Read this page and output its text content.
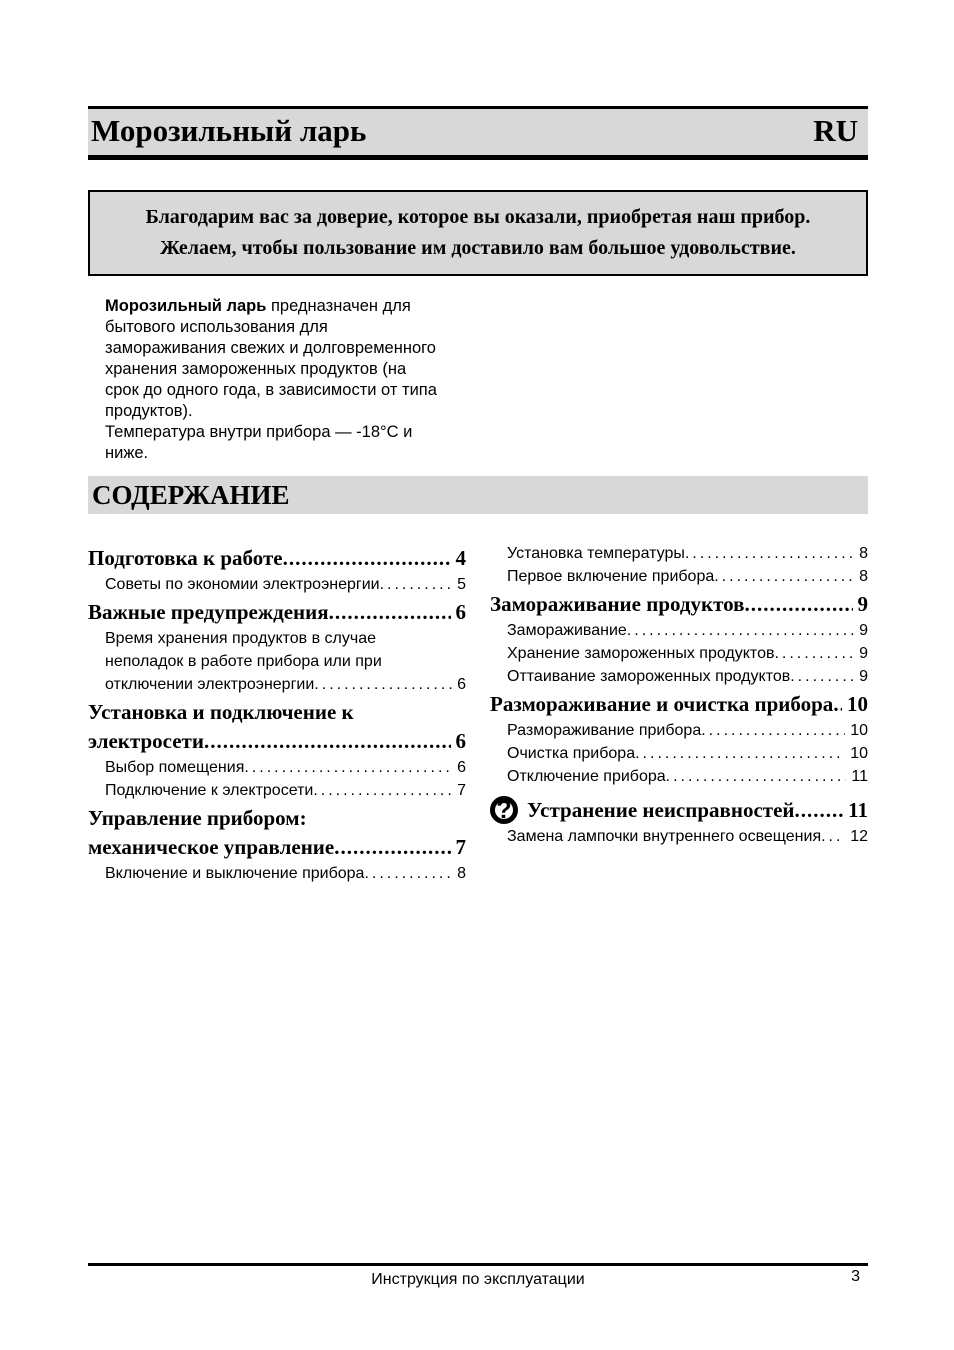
Морозильный ларь	RU
Благодарим вас за доверие, которое вы оказали, приобретая наш прибор.
Желаем, чтобы пользование им доставило вам большое удовольствие.
Морозильный ларь предназначен для
бытового использования для
замораживания свежих и долговременного
хранения замороженных продуктов (на
срок до одного года, в зависимости от типа
продуктов).
Температура внутри прибора — -18°C и
ниже.
СОДЕРЖАНИЕ
Подготовка к работе .....	4
Советы по экономии электроэнергии .....	5
Важные предупреждения .....	6
Время хранения продуктов в случае
неполадок в работе прибора или при
отключении электроэнергии .....	6
Установка и подключение к
электросети .....	6
Выбор помещения .....	6
Подключение к электросети .....	7
Управление прибором:
механическое управление .....	7
Включение и выключение прибора .....	8
Установка температуры .....	8
Первое включение прибора .....	8
Замораживание продуктов .....	9
Замораживание .....	9
Хранение замороженных продуктов .....	9
Оттаивание замороженных продуктов .....	9
Размораживание и очистка прибора ..... 10
Размораживание прибора .....	10
Очистка прибора .....	10
Отключение прибора .....	11
? Устранение неисправностей .....	11
Замена лампочки внутреннего освещения .....	12
Инструкция по эксплуатации	3
